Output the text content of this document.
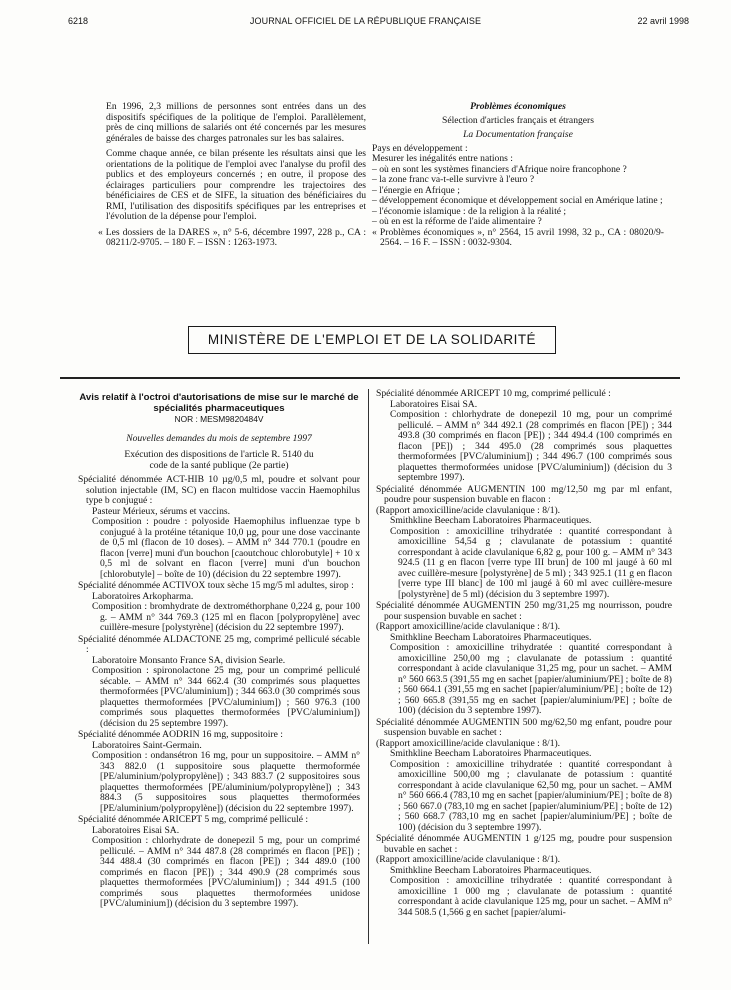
6218	JOURNAL OFFICIEL DE LA RÉPUBLIQUE FRANÇAISE	22 avril 1998

En 1996, 2,3 millions de personnes sont entrées dans un des dispositifs spécifiques de la politique de l'emploi. Parallèlement, près de cinq millions de salariés ont été concernés par les mesures générales de baisse des charges patronales sur les bas salaires.

Comme chaque année, ce bilan présente les résultats ainsi que les orientations de la politique de l'emploi avec l'analyse du profil des publics et des employeurs concernés ; en outre, il propose des éclairages particuliers pour comprendre les trajectoires des bénéficiaires de CES et de SIFE, la situation des bénéficiaires du RMI, l'utilisation des dispositifs spécifiques par les entreprises et l'évolution de la dépense pour l'emploi.

« Les dossiers de la DARES », n° 5-6, décembre 1997, 228 p., CA : 08211/2-9705. – 180 F. – ISSN : 1263-1973.

Problèmes économiques

Sélection d'articles français et étrangers

La Documentation française

Pays en développement :

Mesurer les inégalités entre nations :

– où en sont les systèmes financiers d'Afrique noire francophone ?

– la zone franc va-t-elle survivre à l'euro ?

– l'énergie en Afrique ;

– développement économique et développement social en Amérique latine ;

– l'économie islamique : de la religion à la réalité ;

– où en est la réforme de l'aide alimentaire ?

« Problèmes économiques », n° 2564, 15 avril 1998, 32 p., CA : 08020/9-2564. – 16 F. – ISSN : 0032-9304.

MINISTÈRE DE L'EMPLOI ET DE LA SOLIDARITÉ

Avis relatif à l'octroi d'autorisations de mise sur le marché de spécialités pharmaceutiques

NOR : MESM9820484V

Nouvelles demandes du mois de septembre 1997

Exécution des dispositions de l'article R. 5140 du code de la santé publique (2e partie)

Spécialité dénommée ACT-HIB 10 µg/0,5 ml, poudre et solvant pour solution injectable (IM, SC) en flacon multidose vaccin Haemophilus type b conjugué :

Pasteur Mérieux, sérums et vaccins.

Composition : poudre : polyoside Haemophilus influenzae type b conjugué à la protéine tétanique 10,0 µg, pour une dose vaccinante de 0,5 ml (flacon de 10 doses). – AMM n° 344 770.1 (poudre en flacon [verre] muni d'un bouchon [caoutchouc chlorobutyle] + 10 x 0,5 ml de solvant en flacon [verre] muni d'un bouchon [chlorobutyle] – boîte de 10) (décision du 22 septembre 1997).

Spécialité dénommée ACTIVOX toux sèche 15 mg/5 ml adultes, sirop :

Laboratoires Arkopharma.

Composition : bromhydrate de dextrométhorphane 0,224 g, pour 100 g. – AMM n° 344 769.3 (125 ml en flacon [polypropylène] avec cuillère-mesure [polystyrène] (décision du 22 septembre 1997).

Spécialité dénommée ALDACTONE 25 mg, comprimé pelliculé sécable :

Laboratoire Monsanto France SA, division Searle.

Composition : spironolactone 25 mg, pour un comprimé pelliculé sécable. – AMM n° 344 662.4 (30 comprimés sous plaquettes thermoformées [PVC/aluminium]) ; 344 663.0 (30 comprimés sous plaquettes thermoformées [PVC/aluminium]) ; 560 976.3 (100 comprimés sous plaquettes thermoformées [PVC/aluminium]) (décision du 25 septembre 1997).

Spécialité dénommée AODRIN 16 mg, suppositoire :

Laboratoires Saint-Germain.

Composition : ondansétron 16 mg, pour un suppositoire. – AMM n° 343 882.0 (1 suppositoire sous plaquette thermoformée [PE/aluminium/polypropylène]) ; 343 883.7 (2 suppositoires sous plaquettes thermoformées [PE/aluminium/polypropylène]) ; 343 884.3 (5 suppositoires sous plaquettes thermoformées [PE/aluminium/polypropylène]) (décision du 22 septembre 1997).

Spécialité dénommée ARICEPT 5 mg, comprimé pelliculé :

Laboratoires Eisai SA.

Composition : chlorhydrate de donepezil 5 mg, pour un comprimé pelliculé. – AMM n° 344 487.8 (28 comprimés en flacon [PE]) ; 344 488.4 (30 comprimés en flacon [PE]) ; 344 489.0 (100 comprimés en flacon [PE]) ; 344 490.9 (28 comprimés sous plaquettes thermoformées [PVC/aluminium]) ; 344 491.5 (100 comprimés sous plaquettes thermoformées unidose [PVC/aluminium]) (décision du 3 septembre 1997).

Spécialité dénommée ARICEPT 10 mg, comprimé pelliculé :

Laboratoires Eisai SA.

Composition : chlorhydrate de donepezil 10 mg, pour un comprimé pelliculé. – AMM n° 344 492.1 (28 comprimés en flacon [PE]) ; 344 493.8 (30 comprimés en flacon [PE]) ; 344 494.4 (100 comprimés en flacon [PE]) ; 344 495.0 (28 comprimés sous plaquettes thermoformées [PVC/aluminium]) ; 344 496.7 (100 comprimés sous plaquettes thermoformées unidose [PVC/aluminium]) (décision du 3 septembre 1997).

Spécialité dénommée AUGMENTIN 100 mg/12,50 mg par ml enfant, poudre pour suspension buvable en flacon :

(Rapport amoxicilline/acide clavulanique : 8/1).

Smithkline Beecham Laboratoires Pharmaceutiques.

Composition : amoxicilline trihydratée : quantité correspondant à amoxicilline 54,54 g ; clavulanate de potassium : quantité correspondant à acide clavulanique 6,82 g, pour 100 g. – AMM n° 343 924.5 (11 g en flacon [verre type III brun] de 100 ml jaugé à 60 ml avec cuillère-mesure [polystyrène] de 5 ml) ; 343 925.1 (11 g en flacon [verre type III blanc] de 100 ml jaugé à 60 ml avec cuillère-mesure [polystyrène] de 5 ml) (décision du 3 septembre 1997).

Spécialité dénommée AUGMENTIN 250 mg/31,25 mg nourrisson, poudre pour suspension buvable en sachet :

(Rapport amoxicilline/acide clavulanique : 8/1).

Smithkline Beecham Laboratoires Pharmaceutiques.

Composition : amoxicilline trihydratée : quantité correspondant à amoxicilline 250,00 mg ; clavulanate de potassium : quantité correspondant à acide clavulanique 31,25 mg, pour un sachet. – AMM n° 560 663.5 (391,55 mg en sachet [papier/aluminium/PE] ; boîte de 8) ; 560 664.1 (391,55 mg en sachet [papier/aluminium/PE] ; boîte de 12) ; 560 665.8 (391,55 mg en sachet [papier/aluminium/PE] ; boîte de 100) (décision du 3 septembre 1997).

Spécialité dénommée AUGMENTIN 500 mg/62,50 mg enfant, poudre pour suspension buvable en sachet :

(Rapport amoxicilline/acide clavulanique : 8/1).

Smithkline Beecham Laboratoires Pharmaceutiques.

Composition : amoxicilline trihydratée : quantité correspondant à amoxicilline 500,00 mg ; clavulanate de potassium : quantité correspondant à acide clavulanique 62,50 mg, pour un sachet. – AMM n° 560 666.4 (783,10 mg en sachet [papier/aluminium/PE] ; boîte de 8) ; 560 667.0 (783,10 mg en sachet [papier/aluminium/PE] ; boîte de 12) ; 560 668.7 (783,10 mg en sachet [papier/aluminium/PE] ; boîte de 100) (décision du 3 septembre 1997).

Spécialité dénommée AUGMENTIN 1 g/125 mg, poudre pour suspension buvable en sachet :

(Rapport amoxicilline/acide clavulanique : 8/1).

Smithkline Beecham Laboratoires Pharmaceutiques.

Composition : amoxicilline trihydratée : quantité correspondant à amoxicilline 1 000 mg ; clavulanate de potassium : quantité correspondant à acide clavulanique 125 mg, pour un sachet. – AMM n° 344 508.5 (1,566 g en sachet [papier/alumi-
